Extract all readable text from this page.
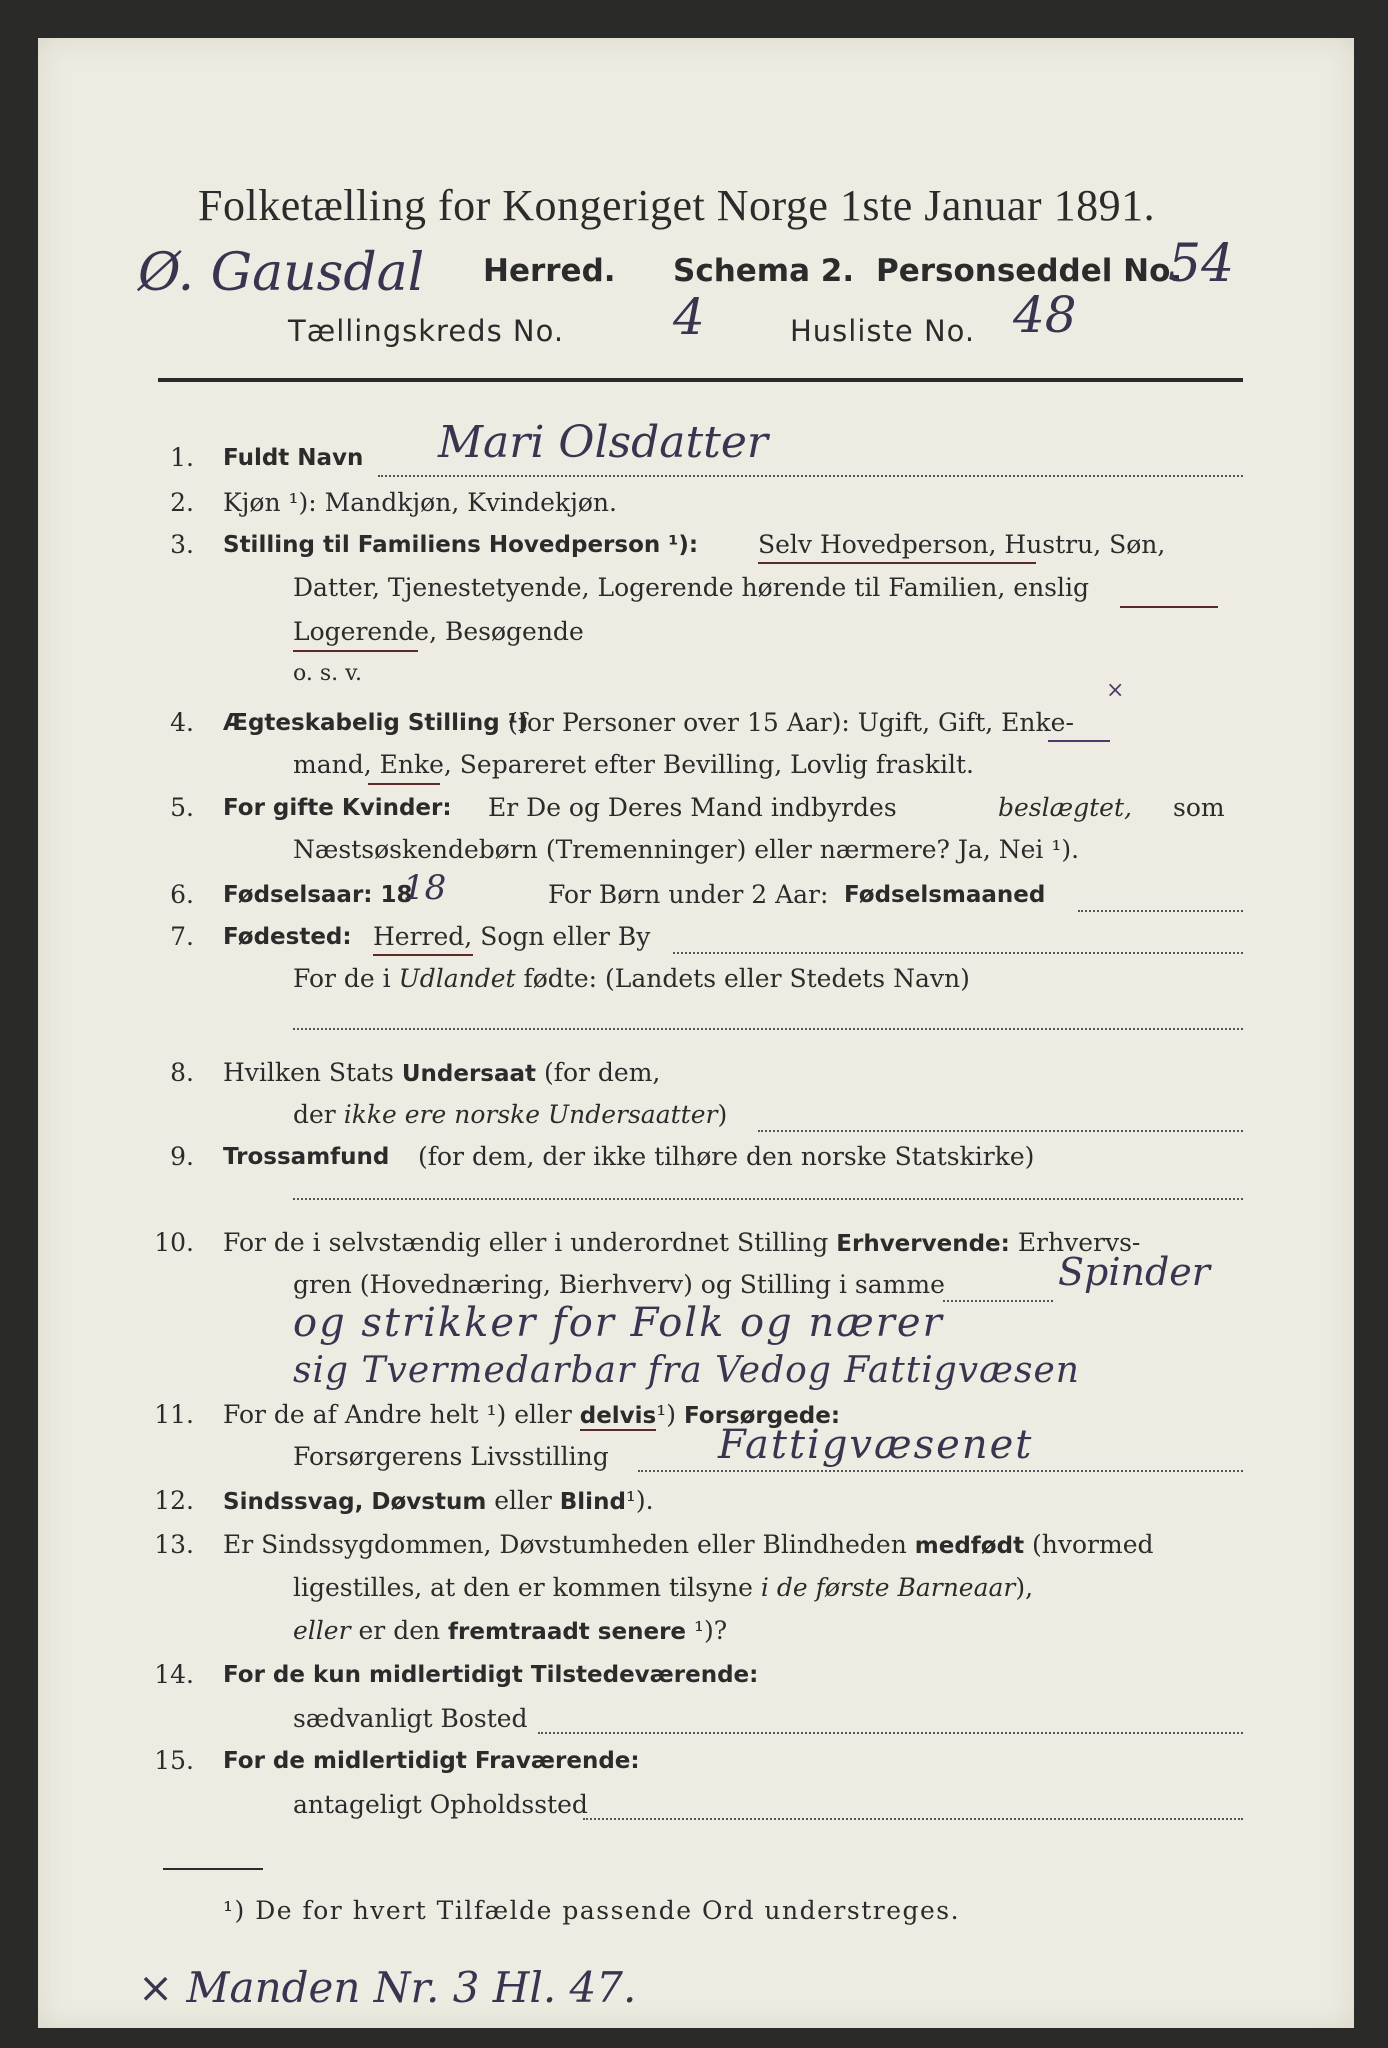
Folketælling for Kongeriget Norge 1ste Januar 1891.
Ø. Gausdal Herred. Schema 2. Personseddel No.
54
Tællingskreds No. 4	Husliste No. 48
1. Fuldt Navn Mari Olsdatter
2. Kjøn ¹): Mandkjøn, Kvindekjøn.
3. Stilling til Familiens Hovedperson ¹): Selv Hovedperson, Hustru, Søn,
Datter, Tjenestetyende, Logerende hørende til Familien, enslig
Logerende, Besøgende
o. s. v.
4. Ægteskabelig Stilling ¹)
(for Personer over 15 Aar): Ugift, Gift, Enke-
mand, Enke, Separeret efter Bevilling, Lovlig fraskilt.
×
5. For gifte Kvinder: Er De og Deres Mand indbyrdes	beslægtet, som
Næstsøskendebørn (Tremenninger) eller nærmere? Ja, Nei ¹).
6. Fødselsaar: 18
18	For Børn under 2 Aar: Fødselsmaaned
7. Fødested: Herred, Sogn eller By
For de i Udlandet fødte: (Landets eller Stedets Navn)
8. Hvilken Stats Undersaat (for dem,
der ikke ere norske Undersaatter)
9. Trossamfund (for dem, der ikke tilhøre den norske Statskirke)
10. For de i selvstændig eller i underordnet Stilling Erhvervende: Erhvervs-
gren (Hovednæring, Bierhverv) og Stilling i samme	Spinder
og strikker for Folk og nærer
sig Tvermedarbar fra Vedog Fattigvæsen
11. For de af Andre helt ¹) eller delvis¹) Forsørgede:
Forsørgerens Livsstilling	Fattigvæsenet
12. Sindssvag, Døvstum eller Blind¹).
13. Er Sindssygdommen, Døvstumheden eller Blindheden medfødt (hvormed
ligestilles, at den er kommen tilsyne i de første Barneaar),
eller er den fremtraadt senere ¹)?
14. For de kun midlertidigt Tilstedeværende:
sædvanligt Bosted
15. For de midlertidigt Fraværende:
antageligt Opholdssted
¹) De for hvert Tilfælde passende Ord understreges.
× Manden Nr. 3 Hl. 47.
